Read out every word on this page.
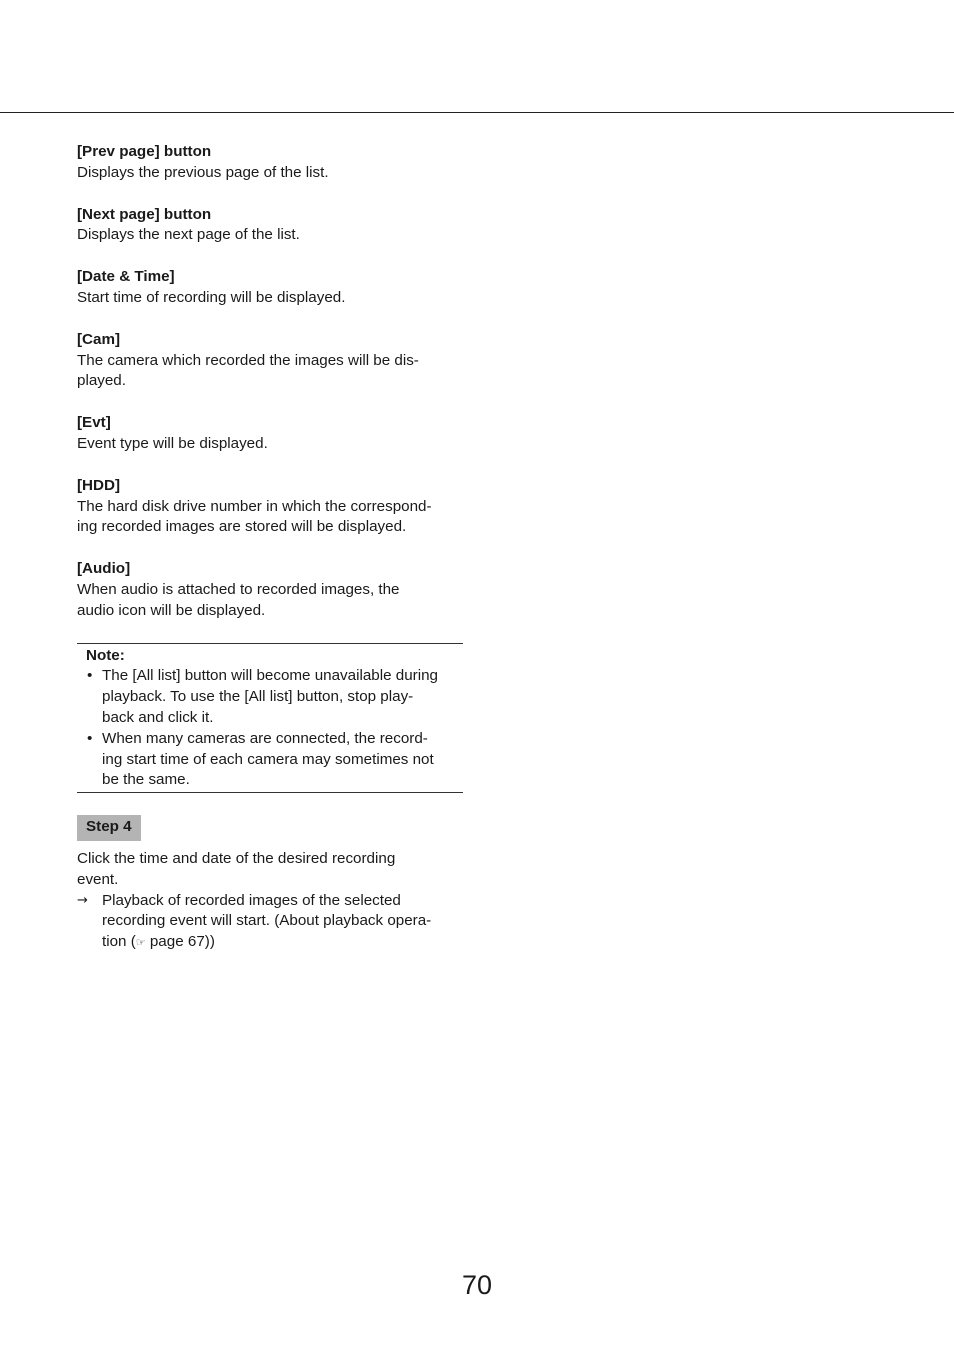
[Prev page] button
Displays the previous page of the list.
[Next page] button
Displays the next page of the list.
[Date & Time]
Start time of recording will be displayed.
[Cam]
The camera which recorded the images will be dis-
played.
[Evt]
Event type will be displayed.
[HDD]
The hard disk drive number in which the correspond-
ing recorded images are stored will be displayed.
[Audio]
When audio is attached to recorded images, the
audio icon will be displayed.
Note:
• The [All list] button will become unavailable during
playback. To use the [All list] button, stop play-
back and click it.
• When many cameras are connected, the record-
ing start time of each camera may sometimes not
be the same.
Step 4
Click the time and date of the desired recording
event.
→ Playback of recorded images of the selected
recording event will start. (About playback opera-
tion (☞ page 67))
70
